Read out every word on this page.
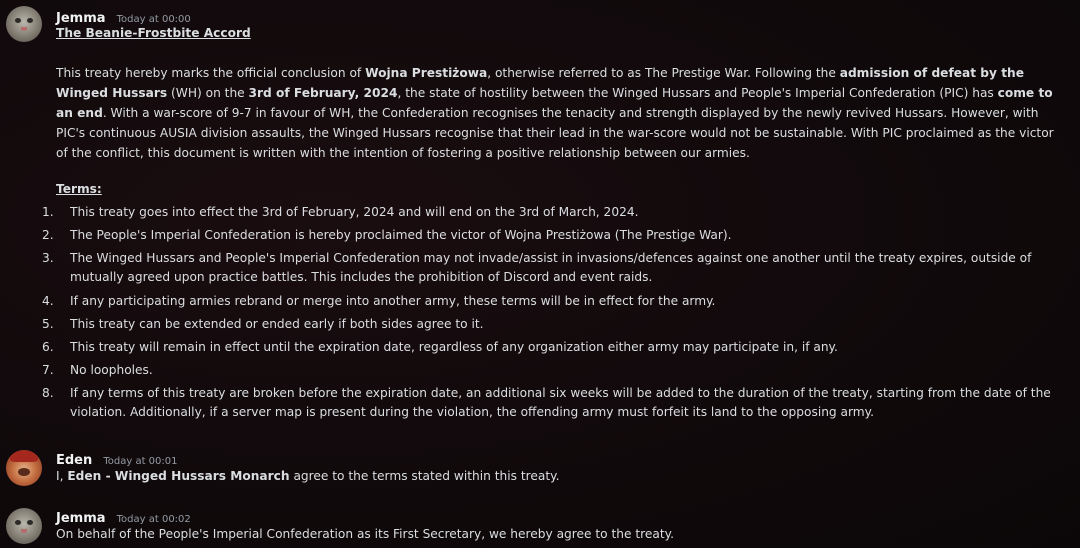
Jemma Today at 00:00
The Beanie-Frostbite Accord
This treaty hereby marks the official conclusion of Wojna Prestiżowa, otherwise referred to as The Prestige War. Following the admission of defeat by the Winged Hussars (WH) on the 3rd of February, 2024, the state of hostility between the Winged Hussars and People's Imperial Confederation (PIC) has come to an end. With a war-score of 9-7 in favour of WH, the Confederation recognises the tenacity and strength displayed by the newly revived Hussars. However, with PIC's continuous AUSIA division assaults, the Winged Hussars recognise that their lead in the war-score would not be sustainable. With PIC proclaimed as the victor of the conflict, this document is written with the intention of fostering a positive relationship between our armies.
Terms:
1. This treaty goes into effect the 3rd of February, 2024 and will end on the 3rd of March, 2024.
2. The People's Imperial Confederation is hereby proclaimed the victor of Wojna Prestiżowa (The Prestige War).
3. The Winged Hussars and People's Imperial Confederation may not invade/assist in invasions/defences against one another until the treaty expires, outside of mutually agreed upon practice battles. This includes the prohibition of Discord and event raids.
4. If any participating armies rebrand or merge into another army, these terms will be in effect for the army.
5. This treaty can be extended or ended early if both sides agree to it.
6. This treaty will remain in effect until the expiration date, regardless of any organization either army may participate in, if any.
7. No loopholes.
8. If any terms of this treaty are broken before the expiration date, an additional six weeks will be added to the duration of the treaty, starting from the date of the violation. Additionally, if a server map is present during the violation, the offending army must forfeit its land to the opposing army.
Eden Today at 00:01
I, Eden - Winged Hussars Monarch agree to the terms stated within this treaty.
Jemma Today at 00:02
On behalf of the People's Imperial Confederation as its First Secretary, we hereby agree to the treaty.
